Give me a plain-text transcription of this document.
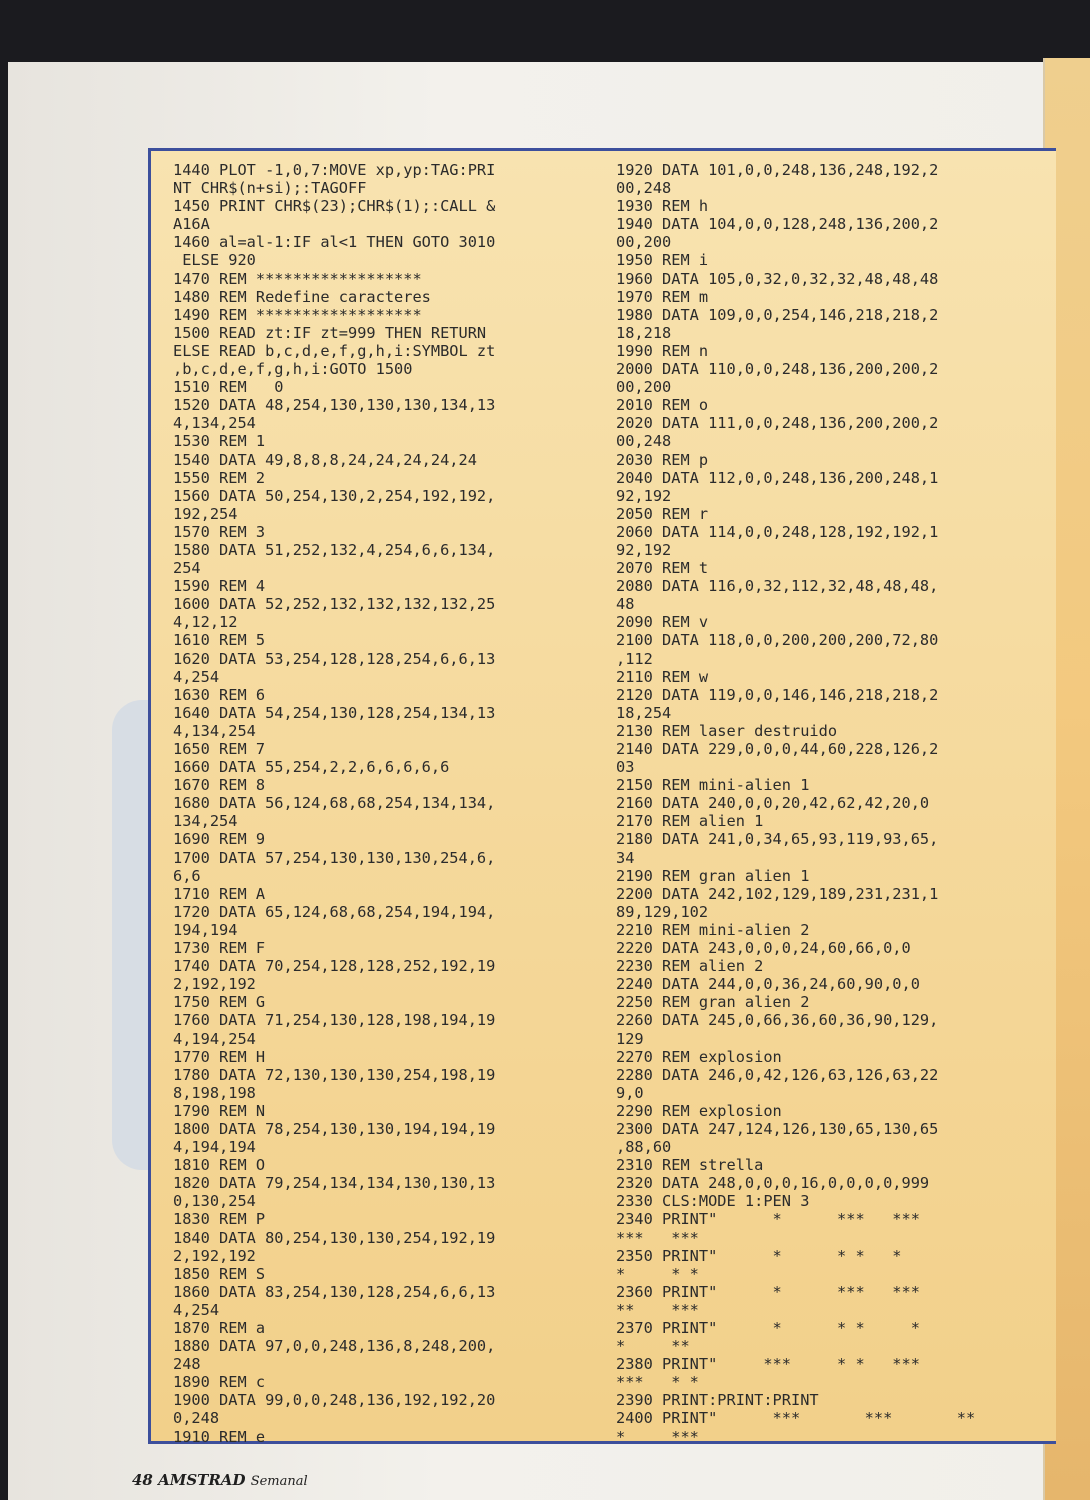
1440 PLOT -1,0,7:MOVE xp,yp:TAG:PRI
NT CHR$(n+si);:TAGOFF
1450 PRINT CHR$(23);CHR$(1);:CALL &
A16A
1460 al=al-1:IF al<1 THEN GOTO 3010
ELSE 920
1470 REM ******************
1480 REM Redefine caracteres
1490 REM ******************
1500 READ zt:IF zt=999 THEN RETURN
ELSE READ b,c,d,e,f,g,h,i:SYMBOL zt
,b,c,d,e,f,g,h,i:GOTO 1500
1510 REM   0
1520 DATA 48,254,130,130,130,134,13
4,134,254
1530 REM 1
1540 DATA 49,8,8,8,24,24,24,24,24
1550 REM 2
1560 DATA 50,254,130,2,254,192,192,
192,254
1570 REM 3
1580 DATA 51,252,132,4,254,6,6,134,
254
1590 REM 4
1600 DATA 52,252,132,132,132,132,25
4,12,12
1610 REM 5
1620 DATA 53,254,128,128,254,6,6,13
4,254
1630 REM 6
1640 DATA 54,254,130,128,254,134,13
4,134,254
1650 REM 7
1660 DATA 55,254,2,2,6,6,6,6,6
1670 REM 8
1680 DATA 56,124,68,68,254,134,134,
134,254
1690 REM 9
1700 DATA 57,254,130,130,130,254,6,
6,6
1710 REM A
1720 DATA 65,124,68,68,254,194,194,
194,194
1730 REM F
1740 DATA 70,254,128,128,252,192,19
2,192,192
1750 REM G
1760 DATA 71,254,130,128,198,194,19
4,194,254
1770 REM H
1780 DATA 72,130,130,130,254,198,19
8,198,198
1790 REM N
1800 DATA 78,254,130,130,194,194,19
4,194,194
1810 REM O
1820 DATA 79,254,134,134,130,130,13
0,130,254
1830 REM P
1840 DATA 80,254,130,130,254,192,19
2,192,192
1850 REM S
1860 DATA 83,254,130,128,254,6,6,13
4,254
1870 REM a
1880 DATA 97,0,0,248,136,8,248,200,
248
1890 REM c
1900 DATA 99,0,0,248,136,192,192,20
0,248
1910 REM e
1920 DATA 101,0,0,248,136,248,192,2
00,248
1930 REM h
1940 DATA 104,0,0,128,248,136,200,2
00,200
1950 REM i
1960 DATA 105,0,32,0,32,32,48,48,48
1970 REM m
1980 DATA 109,0,0,254,146,218,218,2
18,218
1990 REM n
2000 DATA 110,0,0,248,136,200,200,2
00,200
2010 REM o
2020 DATA 111,0,0,248,136,200,200,2
00,248
2030 REM p
2040 DATA 112,0,0,248,136,200,248,1
92,192
2050 REM r
2060 DATA 114,0,0,248,128,192,192,1
92,192
2070 REM t
2080 DATA 116,0,32,112,32,48,48,48,
48
2090 REM v
2100 DATA 118,0,0,200,200,200,72,80
,112
2110 REM w
2120 DATA 119,0,0,146,146,218,218,2
18,254
2130 REM laser destruido
2140 DATA 229,0,0,0,44,60,228,126,2
03
2150 REM mini-alien 1
2160 DATA 240,0,0,20,42,62,42,20,0
2170 REM alien 1
2180 DATA 241,0,34,65,93,119,93,65,
34
2190 REM gran alien 1
2200 DATA 242,102,129,189,231,231,1
89,129,102
2210 REM mini-alien 2
2220 DATA 243,0,0,0,24,60,66,0,0
2230 REM alien 2
2240 DATA 244,0,0,36,24,60,90,0,0
2250 REM gran alien 2
2260 DATA 245,0,66,36,60,36,90,129,
129
2270 REM explosion
2280 DATA 246,0,42,126,63,126,63,22
9,0
2290 REM explosion
2300 DATA 247,124,126,130,65,130,65
,88,60
2310 REM strella
2320 DATA 248,0,0,0,16,0,0,0,0,999
2330 CLS:MODE 1:PEN 3
2340 PRINT"      *      ***   ***
***   ***
2350 PRINT"      *      * *   *
*     * *
2360 PRINT"      *      ***   ***
**    ***
2370 PRINT"      *      * *     *
*     **
2380 PRINT"     ***     * *   ***
***   * *
2390 PRINT:PRINT:PRINT
2400 PRINT"      ***       ***       **
*     ***
48 AMSTRAD Semanal
